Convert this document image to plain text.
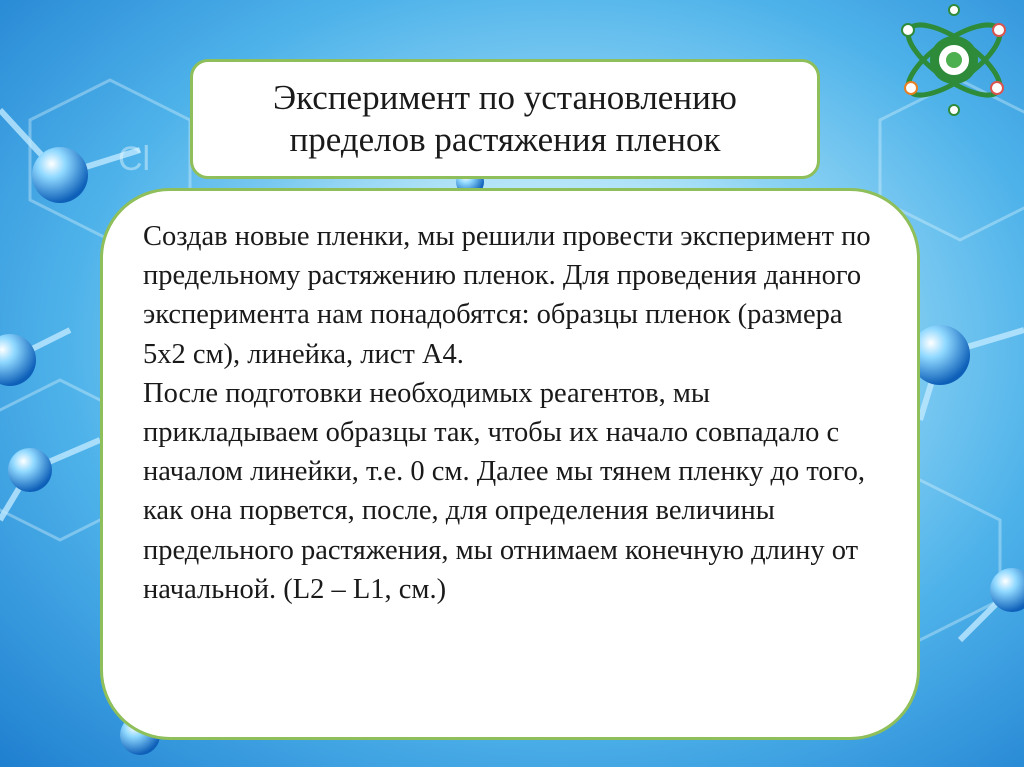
Cl
Эксперимент по установлению пределов растяжения пленок

Создав новые пленки, мы решили провести эксперимент по предельному растяжению пленок. Для проведения данного эксперимента нам понадобятся: образцы пленок (размера 5х2 см), линейка, лист А4.

После подготовки необходимых реагентов, мы прикладываем образцы так, чтобы их начало совпадало с началом линейки, т.е. 0 см. Далее мы тянем пленку до того, как она порвется, после, для определения величины предельного растяжения, мы отнимаем конечную длину от начальной. (L2 – L1, см.)
